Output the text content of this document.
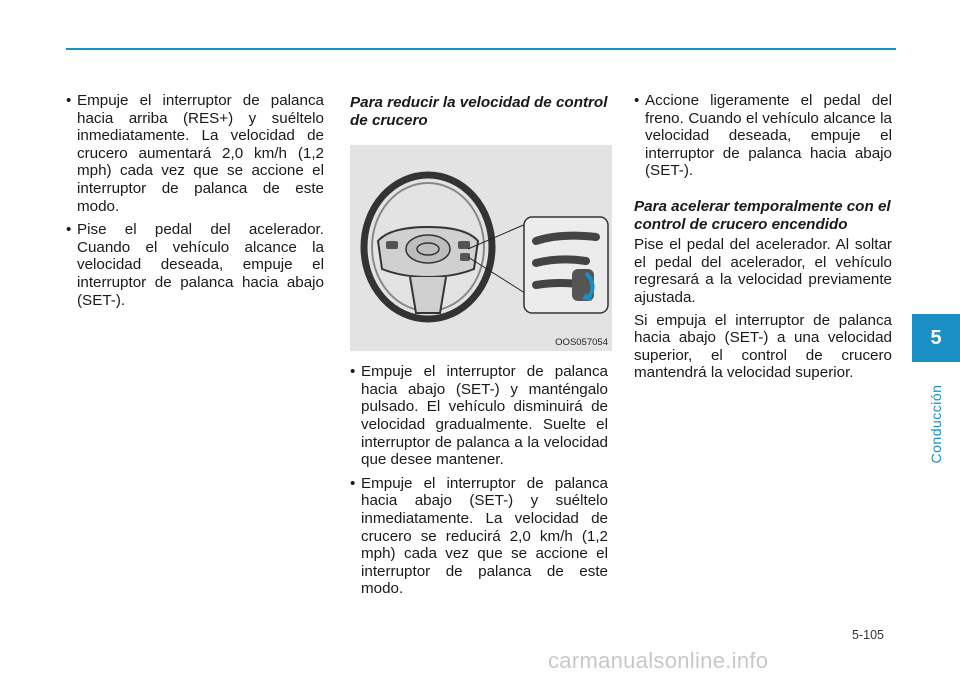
• Empuje el interruptor de palanca hacia arriba (RES+) y suéltelo inmediatamente. La velocidad de crucero aumentará 2,0 km/h (1,2 mph) cada vez que se accione el interruptor de palanca de este modo.

• Pise el pedal del acelerador. Cuando el vehículo alcance la velocidad deseada, empuje el interruptor de palanca hacia abajo (SET-).

Para reducir la velocidad de control de crucero

OOS057054

• Empuje el interruptor de palanca hacia abajo (SET-) y manténgalo pulsado. El vehículo disminuirá de velocidad gradualmente. Suelte el interruptor de palanca a la velocidad que desee mantener.

• Empuje el interruptor de palanca hacia abajo (SET-) y suéltelo inmediatamente. La velocidad de crucero se reducirá 2,0 km/h (1,2 mph) cada vez que se accione el interruptor de palanca de este modo.

• Accione ligeramente el pedal del freno. Cuando el vehículo alcance la velocidad deseada, empuje el interruptor de palanca hacia abajo (SET-).

Para acelerar temporalmente con el control de crucero encendido

Pise el pedal del acelerador. Al soltar el pedal del acelerador, el vehículo regresará a la velocidad previamente ajustada.

Si empuja el interruptor de palanca hacia abajo (SET-) a una velocidad superior, el control de crucero mantendrá la velocidad superior.

5
Conducción
5-105
carmanualsonline.info
